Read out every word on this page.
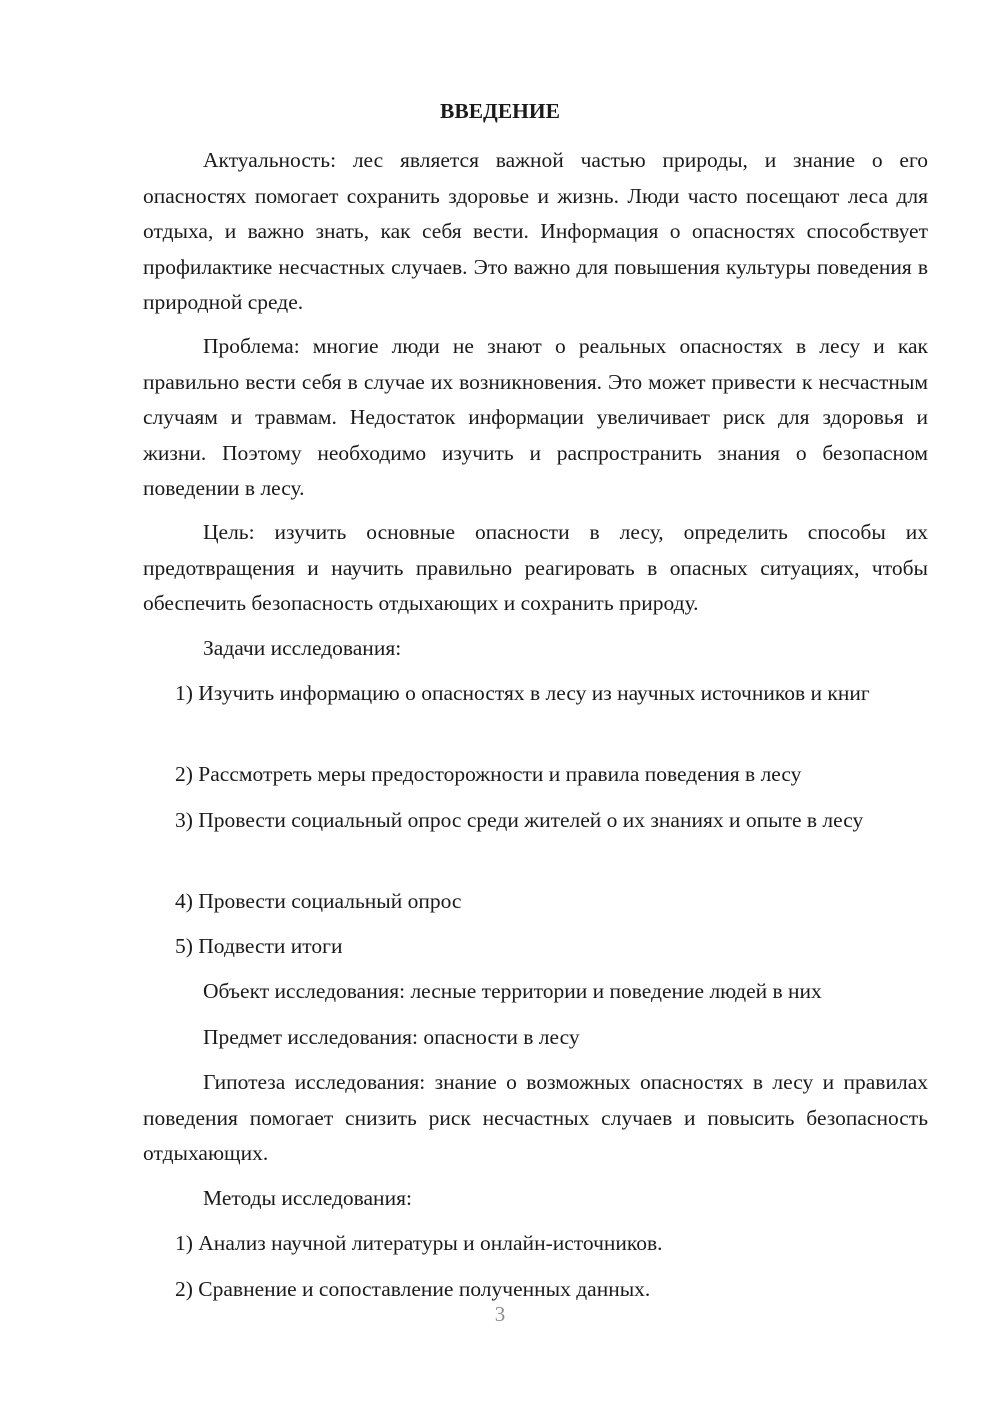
ВВЕДЕНИЕ

Актуальность: лес является важной частью природы, и знание о его опасностях помогает сохранить здоровье и жизнь. Люди часто посещают леса для отдыха, и важно знать, как себя вести. Информация о опасностях способствует профилактике несчастных случаев. Это важно для повышения культуры поведения в природной среде.

Проблема: многие люди не знают о реальных опасностях в лесу и как правильно вести себя в случае их возникновения. Это может привести к несчастным случаям и травмам. Недостаток информации увеличивает риск для здоровья и жизни. Поэтому необходимо изучить и распространить знания о безопасном поведении в лесу.

Цель: изучить основные опасности в лесу, определить способы их предотвращения и научить правильно реагировать в опасных ситуациях, чтобы обеспечить безопасность отдыхающих и сохранить природу.

Задачи исследования:

1) Изучить информацию о опасностях в лесу из научных источников и книг

2) Рассмотреть меры предосторожности и правила поведения в лесу

3) Провести социальный опрос среди жителей о их знаниях и опыте в лесу

4) Провести социальный опрос

5) Подвести итоги

Объект исследования: лесные территории и поведение людей в них

Предмет исследования: опасности в лесу

Гипотеза исследования: знание о возможных опасностях в лесу и правилах поведения помогает снизить риск несчастных случаев и повысить безопасность отдыхающих.

Методы исследования:

1) Анализ научной литературы и онлайн-источников.

2) Сравнение и сопоставление полученных данных.

3
